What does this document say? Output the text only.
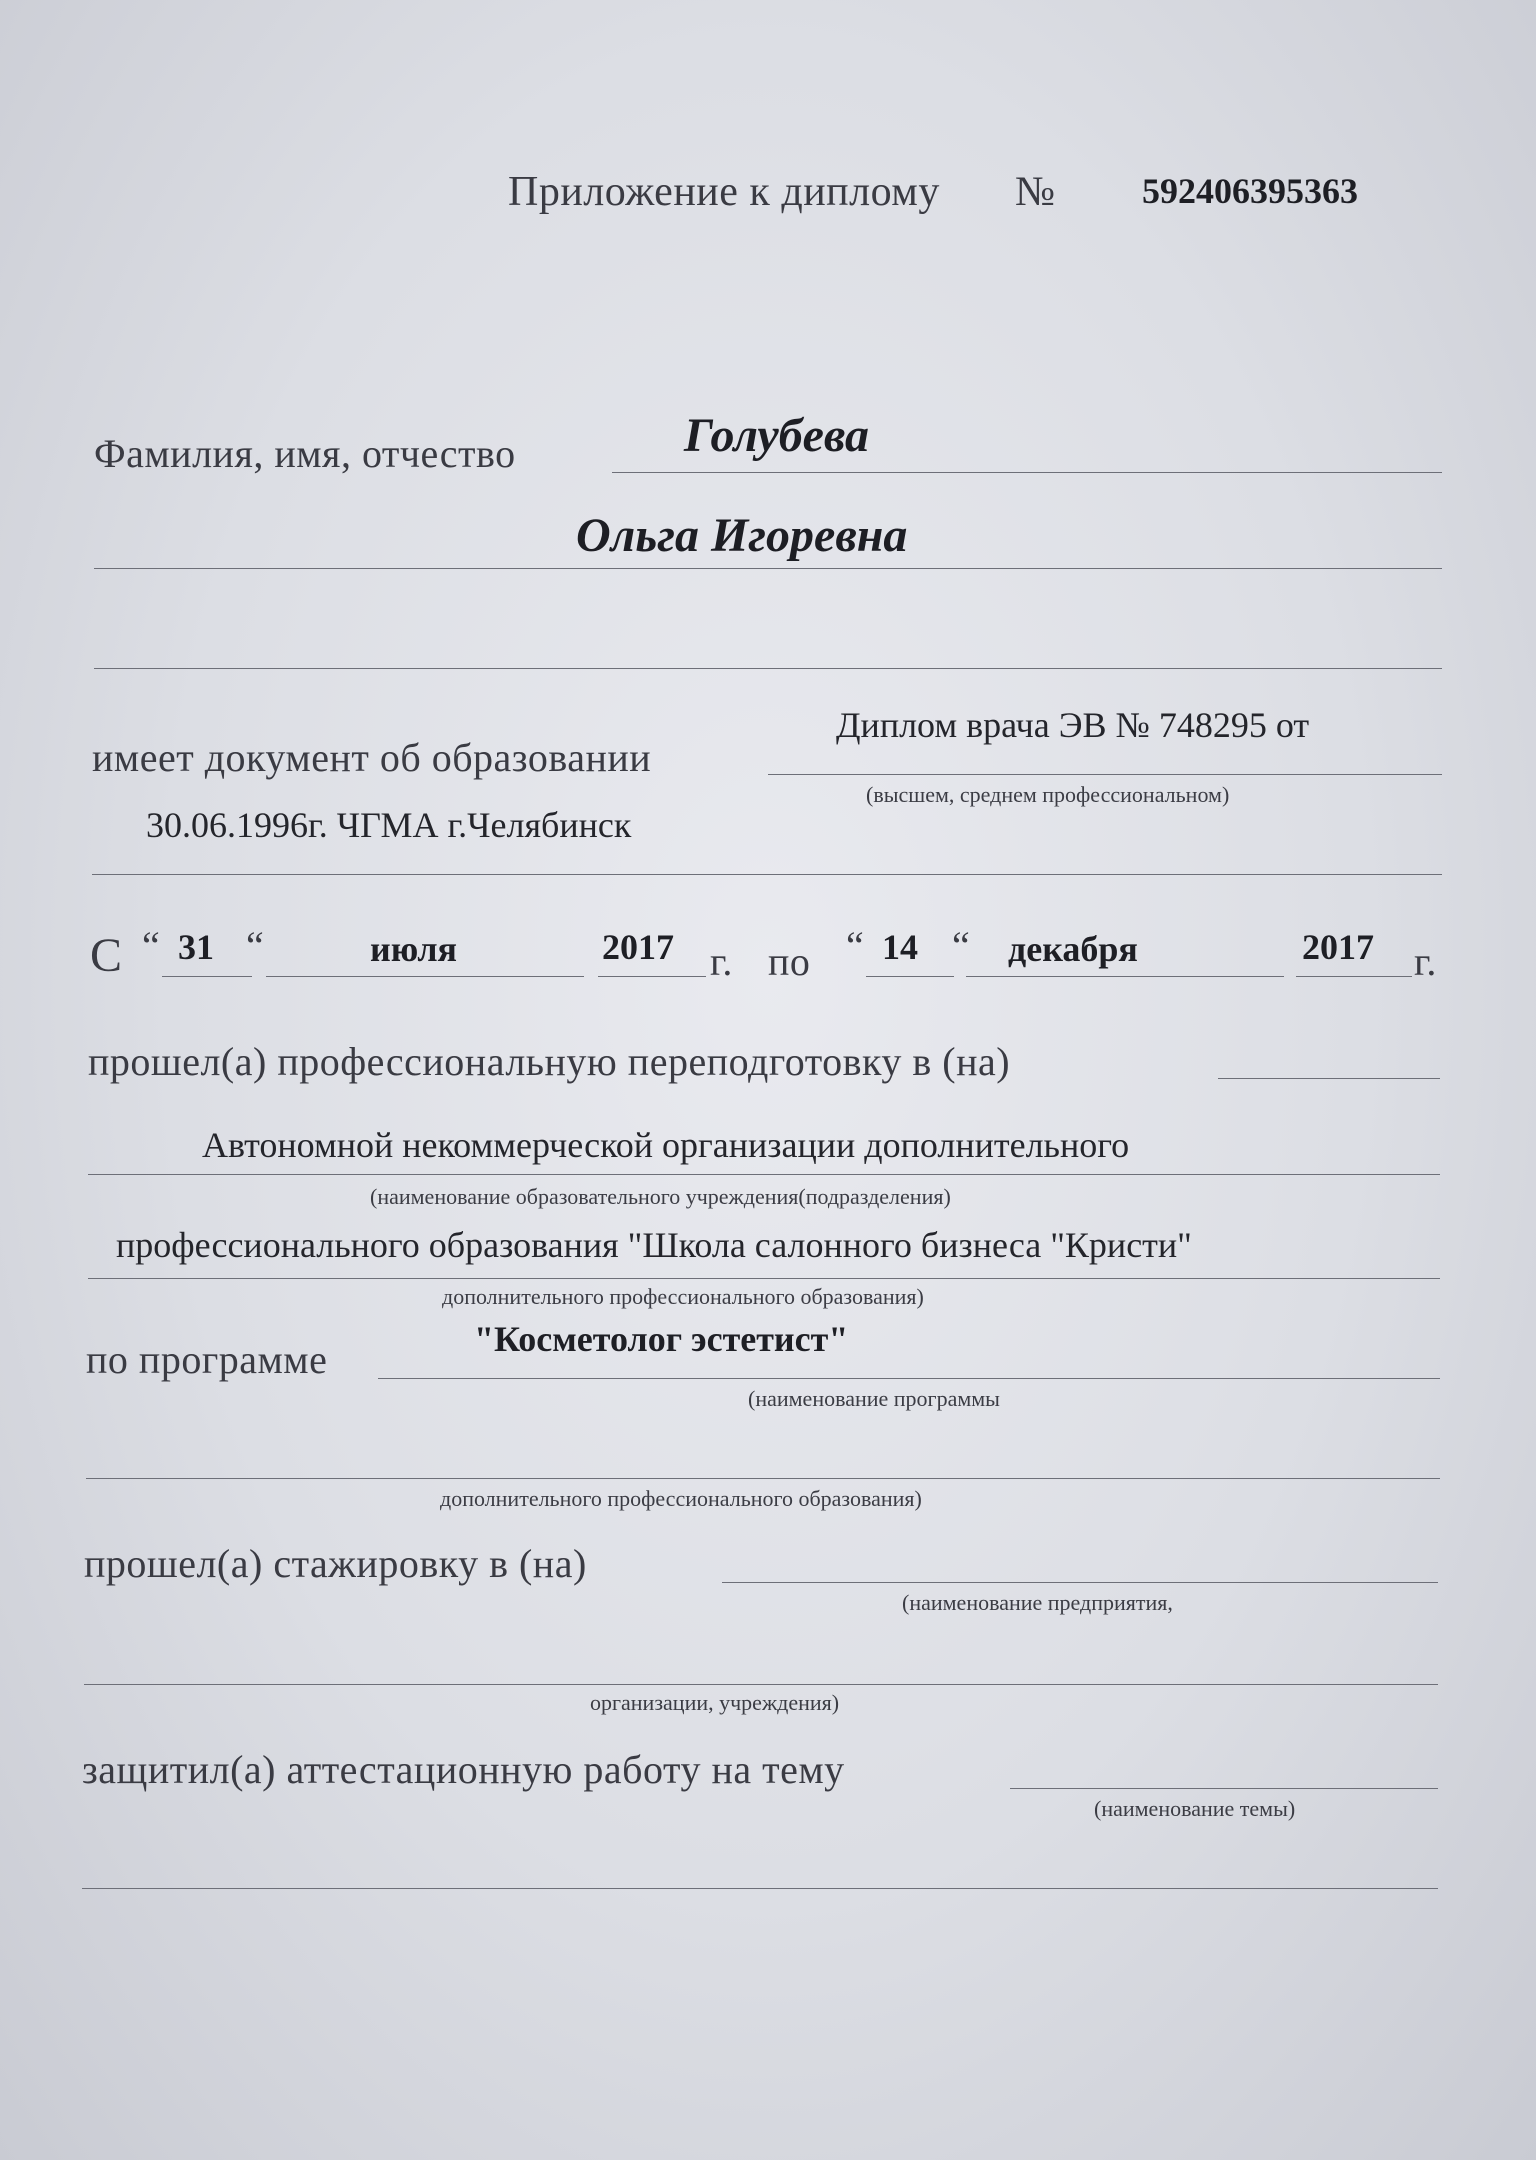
Приложение к диплому № 592406395363
Фамилия, имя, отчество	Голубева
Ольга Игоревна
Диплом врача ЭВ № 748295 от
имеет документ об образовании
(высшем, среднем профессиональном)
30.06.1996г. ЧГМА г.Челябинск
С “ 31 “	июля	2017 г. по “ 14 “ декабря	2017 г.
прошел(а) профессиональную переподготовку в (на)
Автономной некоммерческой организации дополнительного
(наименование образовательного учреждения(подразделения)
профессионального образования "Школа салонного бизнеса "Кристи"
дополнительного профессионального образования)
"Косметолог эстетист"
по программе
(наименование программы
дополнительного профессионального образования)
прошел(а) стажировку в (на)
(наименование предприятия,
организации, учреждения)
защитил(а) аттестационную работу на тему
(наименование темы)
